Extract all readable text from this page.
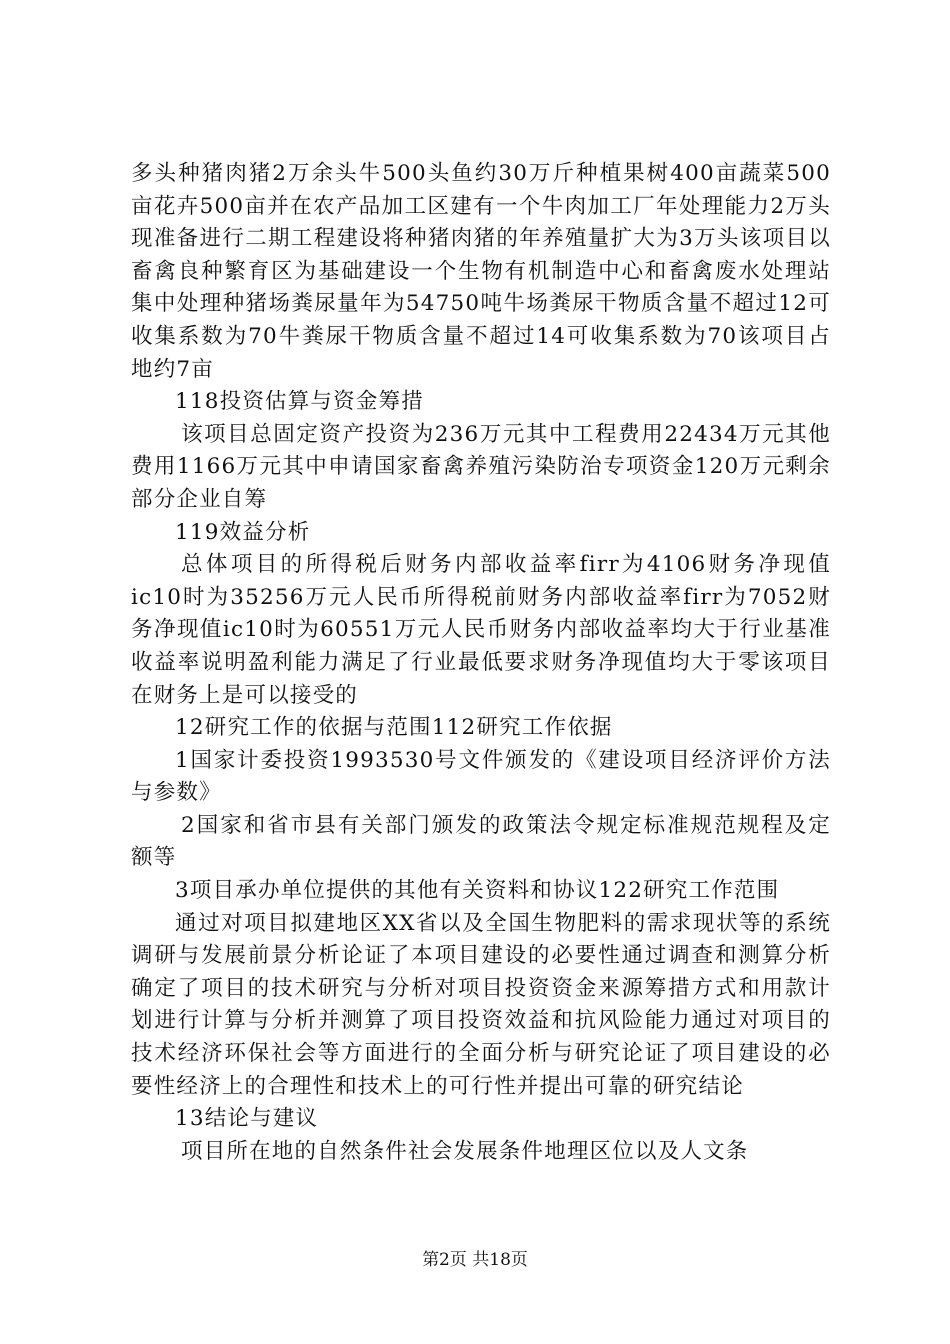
多头种猪肉猪2万余头牛500头鱼约30万斤种植果树400亩蔬菜500亩花卉500亩并在农产品加工区建有一个牛肉加工厂年处理能力2万头现准备进行二期工程建设将种猪肉猪的年养殖量扩大为3万头该项目以畜禽良种繁育区为基础建设一个生物有机制造中心和畜禽废水处理站集中处理种猪场粪尿量年为54750吨牛场粪尿干物质含量不超过12可收集系数为70牛粪尿干物质含量不超过14可收集系数为70该项目占地约7亩

118投资估算与资金筹措

该项目总固定资产投资为236万元其中工程费用22434万元其他费用1166万元其中申请国家畜禽养殖污染防治专项资金120万元剩余部分企业自筹

119效益分析

总体项目的所得税后财务内部收益率firr为4106财务净现值ic10时为35256万元人民币所得税前财务内部收益率firr为7052财务净现值ic10时为60551万元人民币财务内部收益率均大于行业基准收益率说明盈利能力满足了行业最低要求财务净现值均大于零该项目在财务上是可以接受的

12研究工作的依据与范围112研究工作依据

1国家计委投资1993530号文件颁发的《建设项目经济评价方法与参数》

2国家和省市县有关部门颁发的政策法令规定标准规范规程及定额等

3项目承办单位提供的其他有关资料和协议122研究工作范围

通过对项目拟建地区XX省以及全国生物肥料的需求现状等的系统调研与发展前景分析论证了本项目建设的必要性通过调查和测算分析确定了项目的技术研究与分析对项目投资资金来源筹措方式和用款计划进行计算与分析并测算了项目投资效益和抗风险能力通过对项目的技术经济环保社会等方面进行的全面分析与研究论证了项目建设的必要性经济上的合理性和技术上的可行性并提出可靠的研究结论

13结论与建议

项目所在地的自然条件社会发展条件地理区位以及人文条

第2页 共18页
